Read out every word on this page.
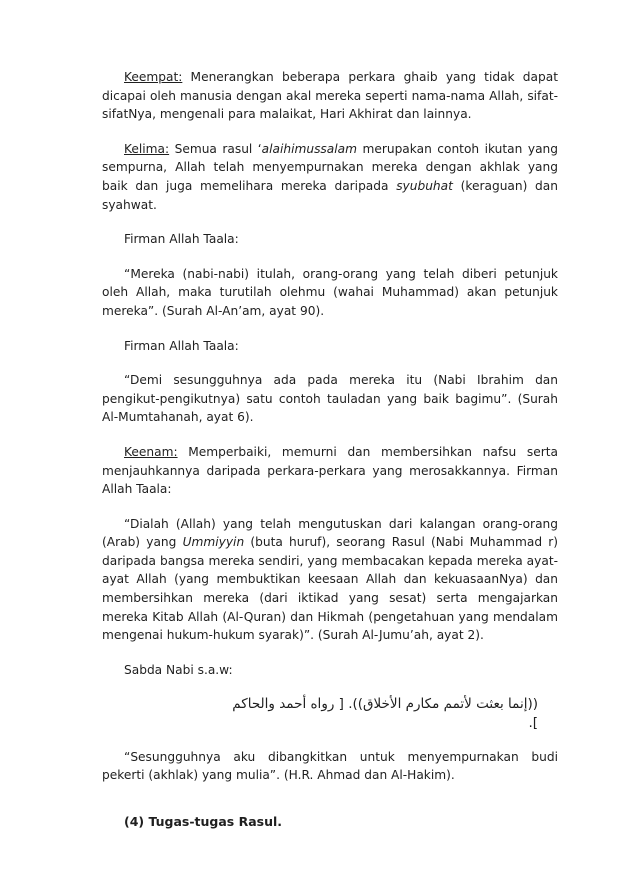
Keempat: Menerangkan beberapa perkara ghaib yang tidak dapat dicapai oleh manusia dengan akal mereka seperti nama-nama Allah, sifat-sifatNya, mengenali para malaikat, Hari Akhirat dan lainnya.

Kelima: Semua rasul ‘alaihimussalam merupakan contoh ikutan yang sempurna, Allah telah menyempurnakan mereka dengan akhlak yang baik dan juga memelihara mereka daripada syubuhat (keraguan) dan syahwat.

Firman Allah Taala:

“Mereka (nabi-nabi) itulah, orang-orang yang telah diberi petunjuk oleh Allah, maka turutilah olehmu (wahai Muhammad) akan petunjuk mereka”. (Surah Al-An’am, ayat 90).

Firman Allah Taala:

“Demi sesungguhnya ada pada mereka itu (Nabi Ibrahim dan pengikut-pengikutnya) satu contoh tauladan yang baik bagimu”. (Surah Al-Mumtahanah, ayat 6).

Keenam: Memperbaiki, memurni dan membersihkan nafsu serta menjauhkannya daripada perkara-perkara yang merosakkannya. Firman Allah Taala:

“Dialah (Allah) yang telah mengutuskan dari kalangan orang-orang (Arab) yang Ummiyyin (buta huruf), seorang Rasul (Nabi Muhammad r) daripada bangsa mereka sendiri, yang membacakan kepada mereka ayat-ayat Allah (yang membuktikan keesaan Allah dan kekuasaanNya) dan membersihkan mereka (dari iktikad yang sesat) serta mengajarkan mereka Kitab Allah (Al-Quran) dan Hikmah (pengetahuan yang mendalam mengenai hukum-hukum syarak)”. (Surah Al-Jumu’ah, ayat 2).

Sabda Nabi s.a.w:

((إنما بعثت لأتمم مكارم الأخلاق)). [ رواه أحمد والحاكم ].

“Sesungguhnya aku dibangkitkan untuk menyempurnakan budi pekerti (akhlak) yang mulia”. (H.R. Ahmad dan Al-Hakim).

(4) Tugas-tugas Rasul.
